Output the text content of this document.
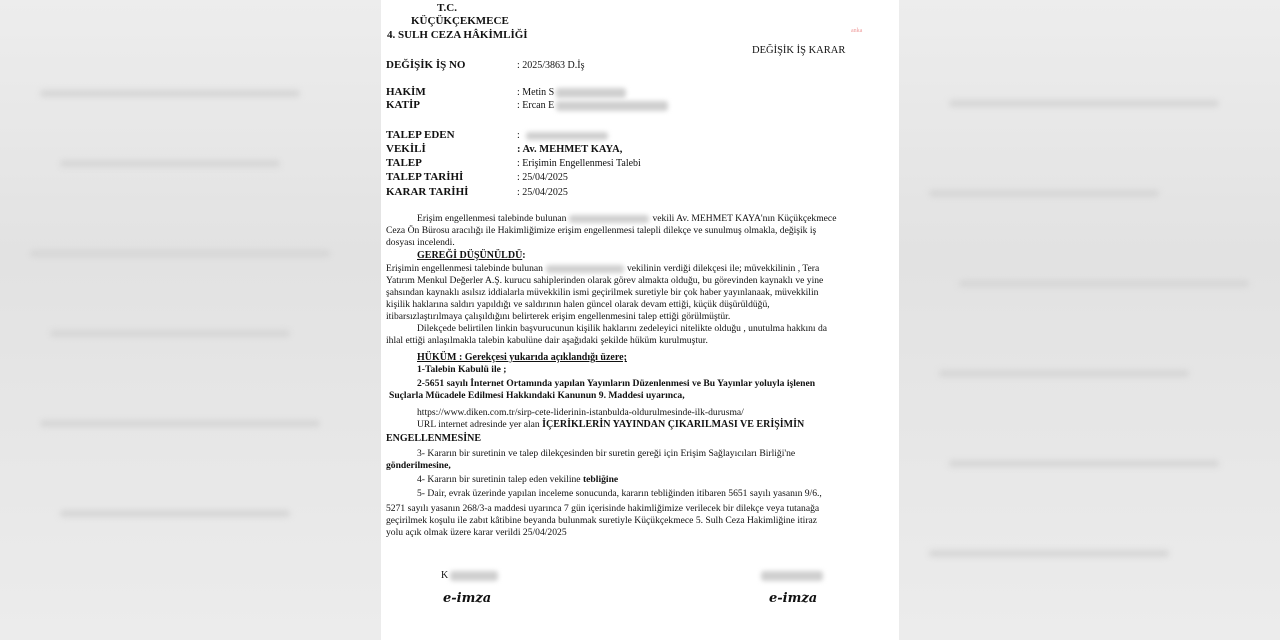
T.C.
KÜÇÜKÇEKMECE
4. SULH CEZA HÂKİMLİĞİ	anka
DEĞİŞİK İŞ KARAR
DEĞİŞİK İŞ NO	: 2025/3863 D.İş
HAKİM	: Metin S
KATİP	: Ercan E
TALEP EDEN	:
VEKİLİ	: Av. MEHMET KAYA,
TALEP	: Erişimin Engellenmesi Talebi
TALEP TARİHİ	: 25/04/2025
KARAR TARİHİ	: 25/04/2025
Erişim engellenmesi talebinde bulunan	vekili Av. MEHMET KAYA'nın Küçükçekmece
Ceza Ön Bürosu aracılığı ile Hakimliğimize erişim engellenmesi talepli dilekçe ve sunulmuş olmakla, değişik iş
dosyası incelendi.
GEREĞİ DÜŞÜNÜLDÜ:
Erişimin engellenmesi talebinde bulunan	vekilinin verdiği dilekçesi ile; müvekkilinin , Tera
Yatırım Menkul Değerler A.Ş. kurucu sahiplerinden olarak görev almakta olduğu, bu görevinden kaynaklı ve yine
şahsından kaynaklı asılsız iddialarla müvekkilin ismi geçirilmek suretiyle bir çok haber yayınlanaak, müvekkilin
kişilik haklarına saldırı yapıldığı ve saldırının halen güncel olarak devam ettiği, küçük düşürüldüğü,
itibarsızlaştırılmaya çalışıldığını belirterek erişim engellenmesini talep ettiği görülmüştür.
Dilekçede belirtilen linkin başvurucunun kişilik haklarını zedeleyici nitelikte olduğu , unutulma hakkını da
ihlal ettiği anlaşılmakla talebin kabulüne dair aşağıdaki şekilde hüküm kurulmuştur.
HÜKÜM : Gerekçesi yukarıda açıklandığı üzere;
1-Talebin Kabulü ile ;
2-5651 sayılı İnternet Ortamında yapılan Yayınların Düzenlenmesi ve Bu Yayınlar yoluyla işlenen
Suçlarla Mücadele Edilmesi Hakkındaki Kanunun 9. Maddesi uyarınca,
https://www.diken.com.tr/sirp-cete-liderinin-istanbulda-oldurulmesinde-ilk-durusma/
URL internet adresinde yer alan İÇERİKLERİN YAYINDAN ÇIKARILMASI VE ERİŞİMİN
ENGELLENMESİNE
3- Kararın bir suretinin ve talep dilekçesinden bir suretin gereği için Erişim Sağlayıcıları Birliği'ne
gönderilmesine,
4- Kararın bir suretinin talep eden vekiline tebliğine
5- Dair, evrak üzerinde yapılan inceleme sonucunda, kararın tebliğinden itibaren 5651 sayılı yasanın 9/6.,
5271 sayılı yasanın 268/3-a maddesi uyarınca 7 gün içerisinde hakimliğimize verilecek bir dilekçe veya tutanağa
geçirilmek koşulu ile zabıt kâtibine beyanda bulunmak suretiyle Küçükçekmece 5. Sulh Ceza Hakimliğine itiraz
yolu açık olmak üzere karar verildi 25/04/2025
K
e-imza	e-imza
